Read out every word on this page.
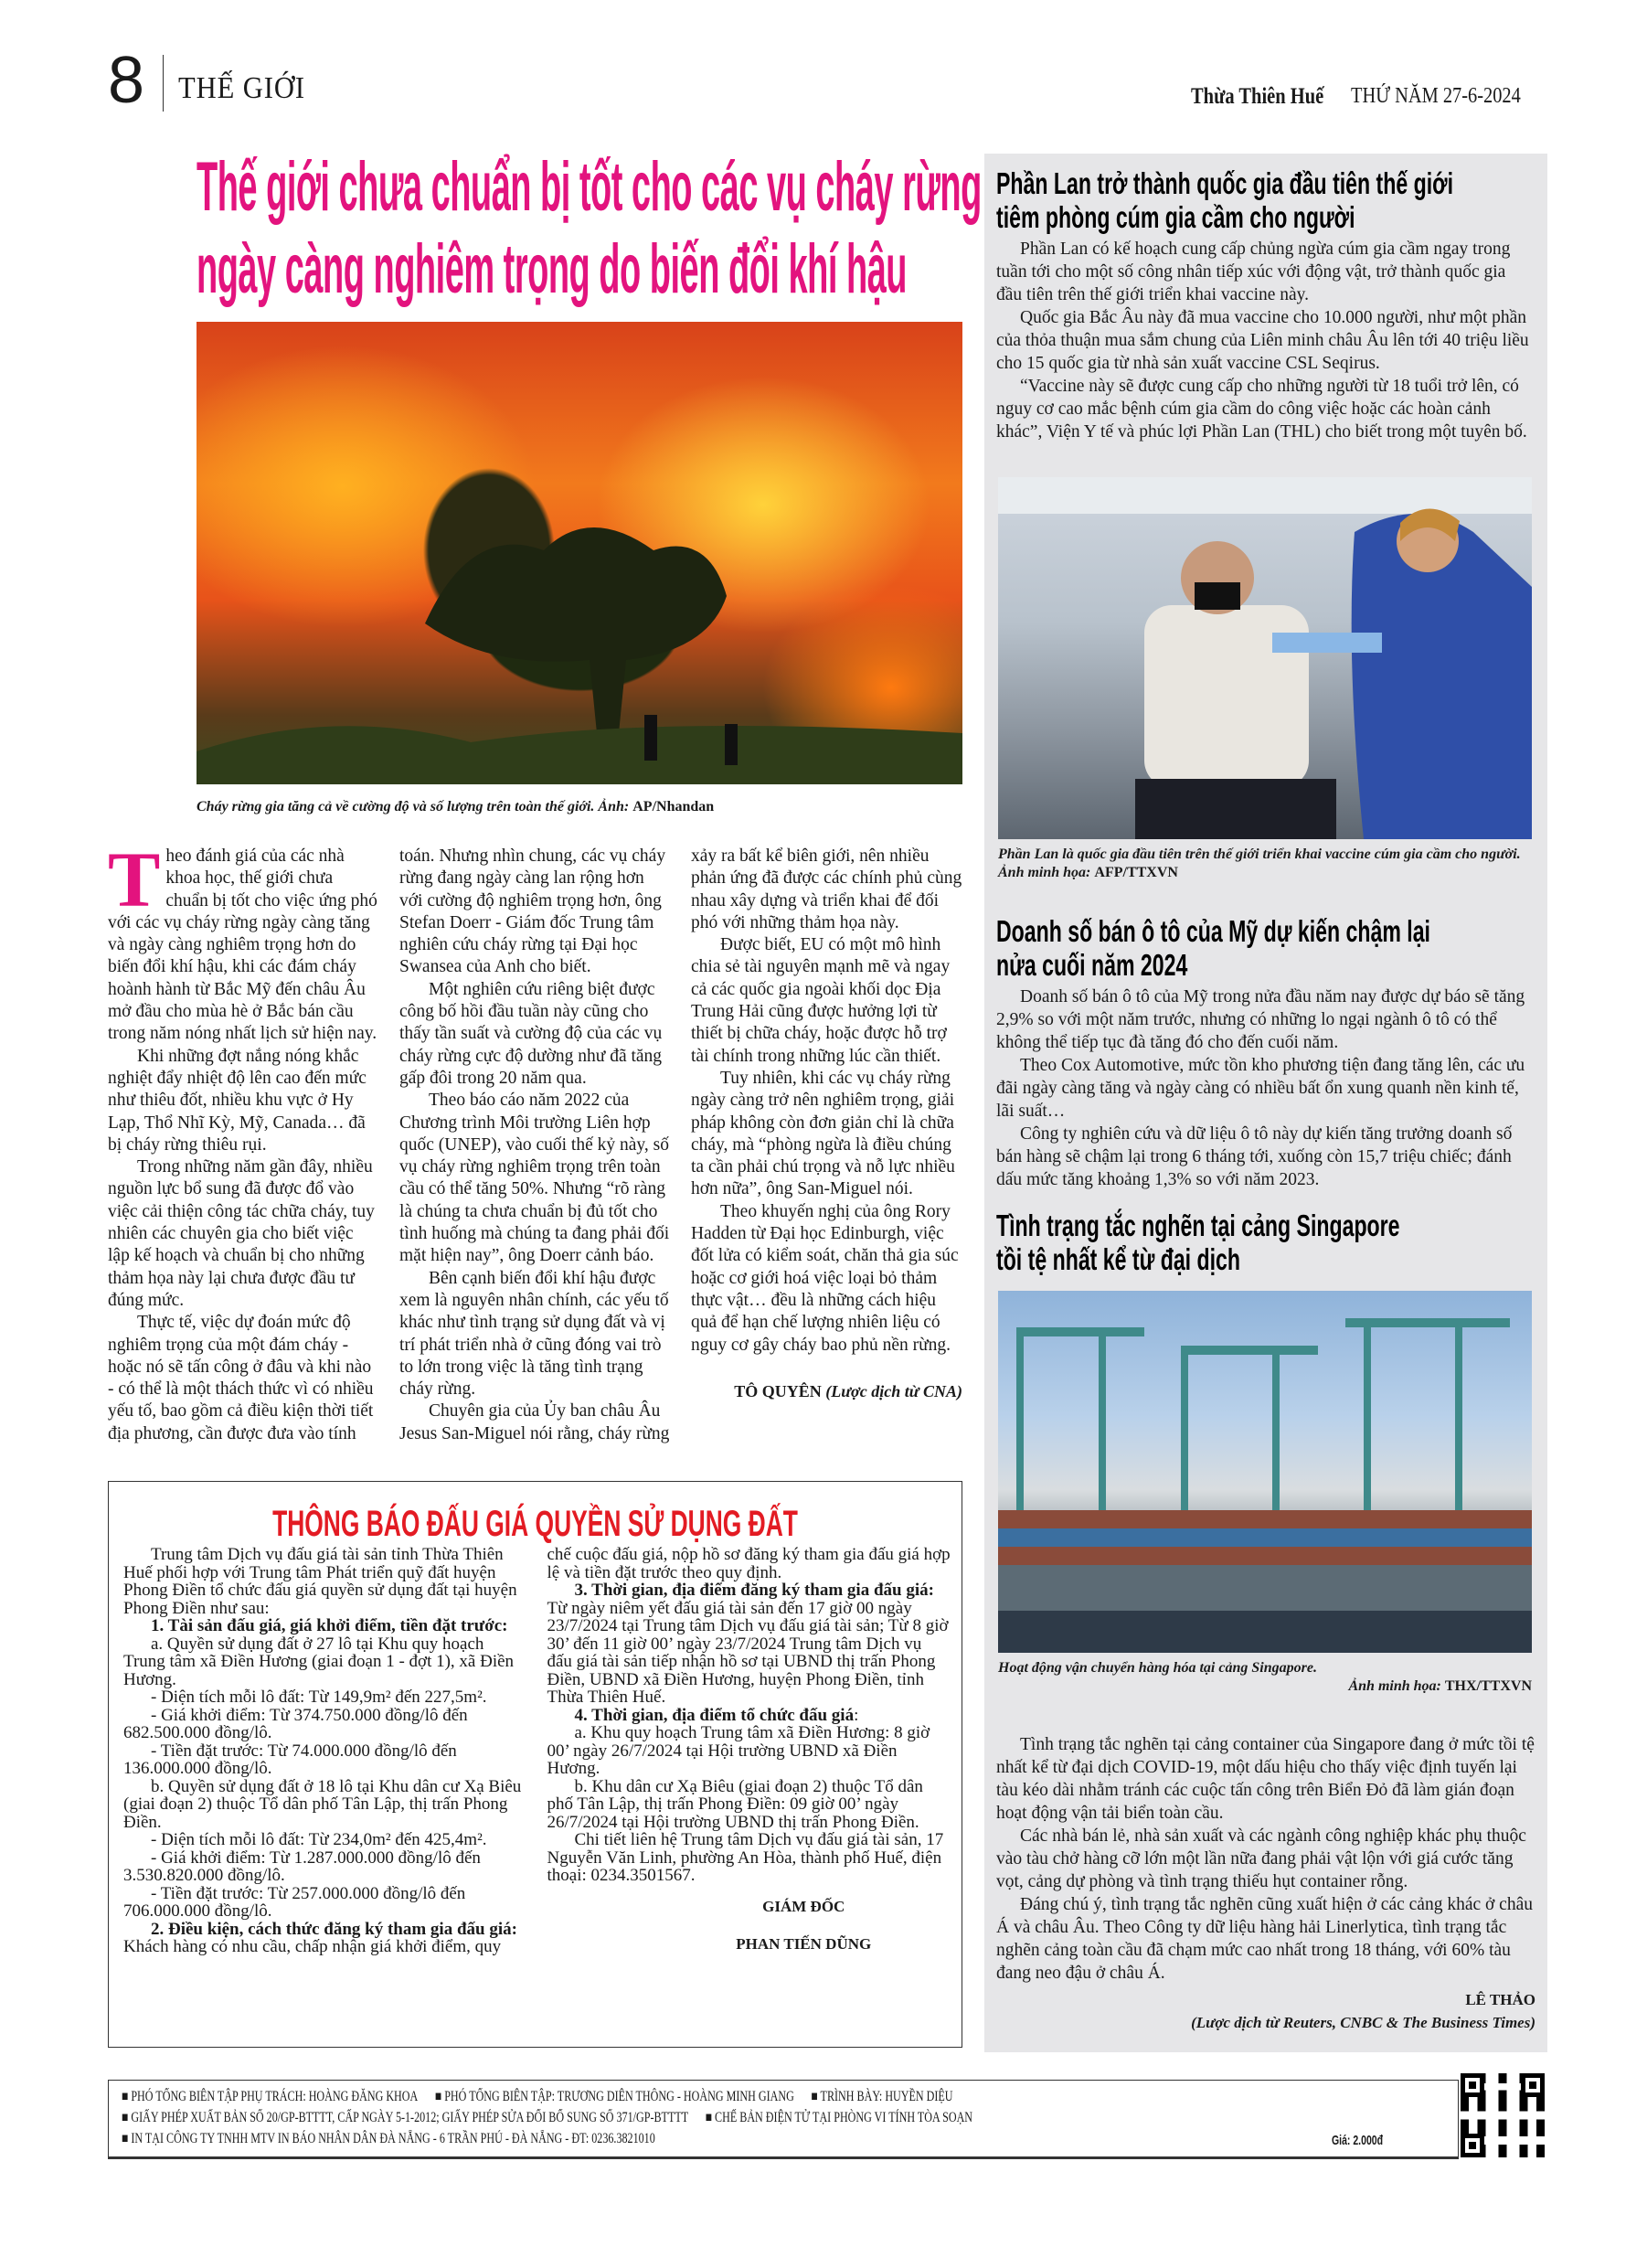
8 THẾ GIỚI	Thừa Thiên Huế THỨ NĂM 27-6-2024
Thế giới chưa chuẩn bị tốt cho các vụ cháy rừng
ngày càng nghiêm trọng do biến đổi khí hậu
Cháy rừng gia tăng cả về cường độ và số lượng trên toàn thế giới. Ảnh: AP/Nhandan

Theo đánh giá của các nhà khoa học, thế giới chưa chuẩn bị tốt cho việc ứng phó với các vụ cháy rừng ngày càng tăng và ngày càng nghiêm trọng hơn do biến đổi khí hậu, khi các đám cháy hoành hành từ Bắc Mỹ đến châu Âu mở đầu cho mùa hè ở Bắc bán cầu trong năm nóng nhất lịch sử hiện nay.

Khi những đợt nắng nóng khắc nghiệt đẩy nhiệt độ lên cao đến mức như thiêu đốt, nhiều khu vực ở Hy Lạp, Thổ Nhĩ Kỳ, Mỹ, Canada… đã bị cháy rừng thiêu rụi.

Trong những năm gần đây, nhiều nguồn lực bổ sung đã được đổ vào việc cải thiện công tác chữa cháy, tuy nhiên các chuyên gia cho biết việc lập kế hoạch và chuẩn bị cho những thảm họa này lại chưa được đầu tư đúng mức.

Thực tế, việc dự đoán mức độ nghiêm trọng của một đám cháy - hoặc nó sẽ tấn công ở đâu và khi nào - có thể là một thách thức vì có nhiều yếu tố, bao gồm cả điều kiện thời tiết địa phương, cần được đưa vào tính toán. Nhưng nhìn chung, các vụ cháy rừng đang ngày càng lan rộng hơn với cường độ nghiêm trọng hơn, ông Stefan Doerr - Giám đốc Trung tâm nghiên cứu cháy rừng tại Đại học Swansea của Anh cho biết.

Một nghiên cứu riêng biệt được công bố hồi đầu tuần này cũng cho thấy tần suất và cường độ của các vụ cháy rừng cực độ dường như đã tăng gấp đôi trong 20 năm qua.

Theo báo cáo năm 2022 của Chương trình Môi trường Liên hợp quốc (UNEP), vào cuối thế kỷ này, số vụ cháy rừng nghiêm trọng trên toàn cầu có thể tăng 50%. Nhưng “rõ ràng là chúng ta chưa chuẩn bị đủ tốt cho tình huống mà chúng ta đang phải đối mặt hiện nay”, ông Doerr cảnh báo.

Bên cạnh biến đổi khí hậu được xem là nguyên nhân chính, các yếu tố khác như tình trạng sử dụng đất và vị trí phát triển nhà ở cũng đóng vai trò to lớn trong việc là tăng tình trạng cháy rừng.

Chuyên gia của Ủy ban châu Âu Jesus San-Miguel nói rằng, cháy rừng xảy ra bất kể biên giới, nên nhiều phản ứng đã được các chính phủ cùng nhau xây dựng và triển khai để đối phó với những thảm họa này.

Được biết, EU có một mô hình chia sẻ tài nguyên mạnh mẽ và ngay cả các quốc gia ngoài khối dọc Địa Trung Hải cũng được hưởng lợi từ thiết bị chữa cháy, hoặc được hỗ trợ tài chính trong những lúc cần thiết.

Tuy nhiên, khi các vụ cháy rừng ngày càng trở nên nghiêm trọng, giải pháp không còn đơn giản chỉ là chữa cháy, mà “phòng ngừa là điều chúng ta cần phải chú trọng và nỗ lực nhiều hơn nữa”, ông San-Miguel nói.

Theo khuyến nghị của ông Rory Hadden từ Đại học Edinburgh, việc đốt lửa có kiểm soát, chăn thả gia súc hoặc cơ giới hoá việc loại bỏ thảm thực vật… đều là những cách hiệu quả để hạn chế lượng nhiên liệu có nguy cơ gây cháy bao phủ nền rừng.

TÔ QUYÊN (Lược dịch từ CNA)

THÔNG BÁO ĐẤU GIÁ QUYỀN SỬ DỤNG ĐẤT

Trung tâm Dịch vụ đấu giá tài sản tỉnh Thừa Thiên Huế phối hợp với Trung tâm Phát triển quỹ đất huyện Phong Điền tổ chức đấu giá quyền sử dụng đất tại huyện Phong Điền như sau:

1. Tài sản đấu giá, giá khởi điểm, tiền đặt trước:

a. Quyền sử dụng đất ở 27 lô tại Khu quy hoạch Trung tâm xã Điền Hương (giai đoạn 1 - đợt 1), xã Điền Hương.

- Diện tích mỗi lô đất: Từ 149,9m² đến 227,5m².

- Giá khởi điểm: Từ 374.750.000 đồng/lô đến 682.500.000 đồng/lô.

- Tiền đặt trước: Từ 74.000.000 đồng/lô đến 136.000.000 đồng/lô.

b. Quyền sử dụng đất ở 18 lô tại Khu dân cư Xạ Biêu (giai đoạn 2) thuộc Tổ dân phố Tân Lập, thị trấn Phong Điền.

- Diện tích mỗi lô đất: Từ 234,0m² đến 425,4m².

- Giá khởi điểm: Từ 1.287.000.000 đồng/lô đến 3.530.820.000 đồng/lô.

- Tiền đặt trước: Từ 257.000.000 đồng/lô đến 706.000.000 đồng/lô.

2. Điều kiện, cách thức đăng ký tham gia đấu giá: Khách hàng có nhu cầu, chấp nhận giá khởi điểm, quy chế cuộc đấu giá, nộp hồ sơ đăng ký tham gia đấu giá hợp lệ và tiền đặt trước theo quy định.

3. Thời gian, địa điểm đăng ký tham gia đấu giá: Từ ngày niêm yết đấu giá tài sản đến 17 giờ 00 ngày 23/7/2024 tại Trung tâm Dịch vụ đấu giá tài sản; Từ 8 giờ 30’ đến 11 giờ 00’ ngày 23/7/2024 Trung tâm Dịch vụ đấu giá tài sản tiếp nhận hồ sơ tại UBND thị trấn Phong Điền, UBND xã Điền Hương, huyện Phong Điền, tỉnh Thừa Thiên Huế.

4. Thời gian, địa điểm tổ chức đấu giá:

a. Khu quy hoạch Trung tâm xã Điền Hương: 8 giờ 00’ ngày 26/7/2024 tại Hội trường UBND xã Điền Hương.

b. Khu dân cư Xạ Biêu (giai đoạn 2) thuộc Tổ dân phố Tân Lập, thị trấn Phong Điền: 09 giờ 00’ ngày 26/7/2024 tại Hội trường UBND thị trấn Phong Điền.

Chi tiết liên hệ Trung tâm Dịch vụ đấu giá tài sản, 17 Nguyễn Văn Linh, phường An Hòa, thành phố Huế, điện thoại: 0234.3501567.

GIÁM ĐỐC

PHAN TIẾN DŨNG

Phần Lan trở thành quốc gia đầu tiên thế giới
tiêm phòng cúm gia cầm cho người

Phần Lan có kế hoạch cung cấp chủng ngừa cúm gia cầm ngay trong tuần tới cho một số công nhân tiếp xúc với động vật, trở thành quốc gia đầu tiên trên thế giới triển khai vaccine này.

Quốc gia Bắc Âu này đã mua vaccine cho 10.000 người, như một phần của thỏa thuận mua sắm chung của Liên minh châu Âu lên tới 40 triệu liều cho 15 quốc gia từ nhà sản xuất vaccine CSL Seqirus.

“Vaccine này sẽ được cung cấp cho những người từ 18 tuổi trở lên, có nguy cơ cao mắc bệnh cúm gia cầm do công việc hoặc các hoàn cảnh khác”, Viện Y tế và phúc lợi Phần Lan (THL) cho biết trong một tuyên bố.

Phần Lan là quốc gia đầu tiên trên thế giới triển khai vaccine cúm gia cầm cho người. Ảnh minh họa: AFP/TTXVN
Doanh số bán ô tô của Mỹ dự kiến chậm lại
nửa cuối năm 2024

Doanh số bán ô tô của Mỹ trong nửa đầu năm nay được dự báo sẽ tăng 2,9% so với một năm trước, nhưng có những lo ngại ngành ô tô có thể không thể tiếp tục đà tăng đó cho đến cuối năm.

Theo Cox Automotive, mức tồn kho phương tiện đang tăng lên, các ưu đãi ngày càng tăng và ngày càng có nhiều bất ổn xung quanh nền kinh tế, lãi suất…

Công ty nghiên cứu và dữ liệu ô tô này dự kiến tăng trưởng doanh số bán hàng sẽ chậm lại trong 6 tháng tới, xuống còn 15,7 triệu chiếc; đánh dấu mức tăng khoảng 1,3% so với năm 2023.

Tình trạng tắc nghẽn tại cảng Singapore
tồi tệ nhất kể từ đại dịch
Hoạt động vận chuyển hàng hóa tại cảng Singapore.
Ảnh minh họa: THX/TTXVN

Tình trạng tắc nghẽn tại cảng container của Singapore đang ở mức tồi tệ nhất kể từ đại dịch COVID-19, một dấu hiệu cho thấy việc định tuyến lại tàu kéo dài nhằm tránh các cuộc tấn công trên Biển Đỏ đã làm gián đoạn hoạt động vận tải biển toàn cầu.

Các nhà bán lẻ, nhà sản xuất và các ngành công nghiệp khác phụ thuộc vào tàu chở hàng cỡ lớn một lần nữa đang phải vật lộn với giá cước tăng vọt, cảng dự phòng và tình trạng thiếu hụt container rỗng.

Đáng chú ý, tình trạng tắc nghẽn cũng xuất hiện ở các cảng khác ở châu Á và châu Âu. Theo Công ty dữ liệu hàng hải Linerlytica, tình trạng tắc nghẽn cảng toàn cầu đã chạm mức cao nhất trong 18 tháng, với 60% tàu đang neo đậu ở châu Á.

LÊ THẢO

(Lược dịch từ Reuters, CNBC & The Business Times)

■ PHÓ TỔNG BIÊN TẬP PHỤ TRÁCH: HOÀNG ĐĂNG KHOA ■ PHÓ TỔNG BIÊN TẬP: TRƯƠNG DIÊN THÔNG - HOÀNG MINH GIANG ■ TRÌNH BÀY: HUYỀN DIỆU
■ GIẤY PHÉP XUẤT BẢN SỐ 20/GP-BTTTT, CẤP NGÀY 5-1-2012; GIẤY PHÉP SỬA ĐỔI BỔ SUNG SỐ 371/GP-BTTTT ■ CHẾ BẢN ĐIỆN TỬ TẠI PHÒNG VI TÍNH TÒA SOẠN
■ IN TẠI CÔNG TY TNHH MTV IN BÁO NHÂN DÂN ĐÀ NẴNG - 6 TRẦN PHÚ - ĐÀ NẴNG - ĐT: 0236.3821010	Giá: 2.000đ
